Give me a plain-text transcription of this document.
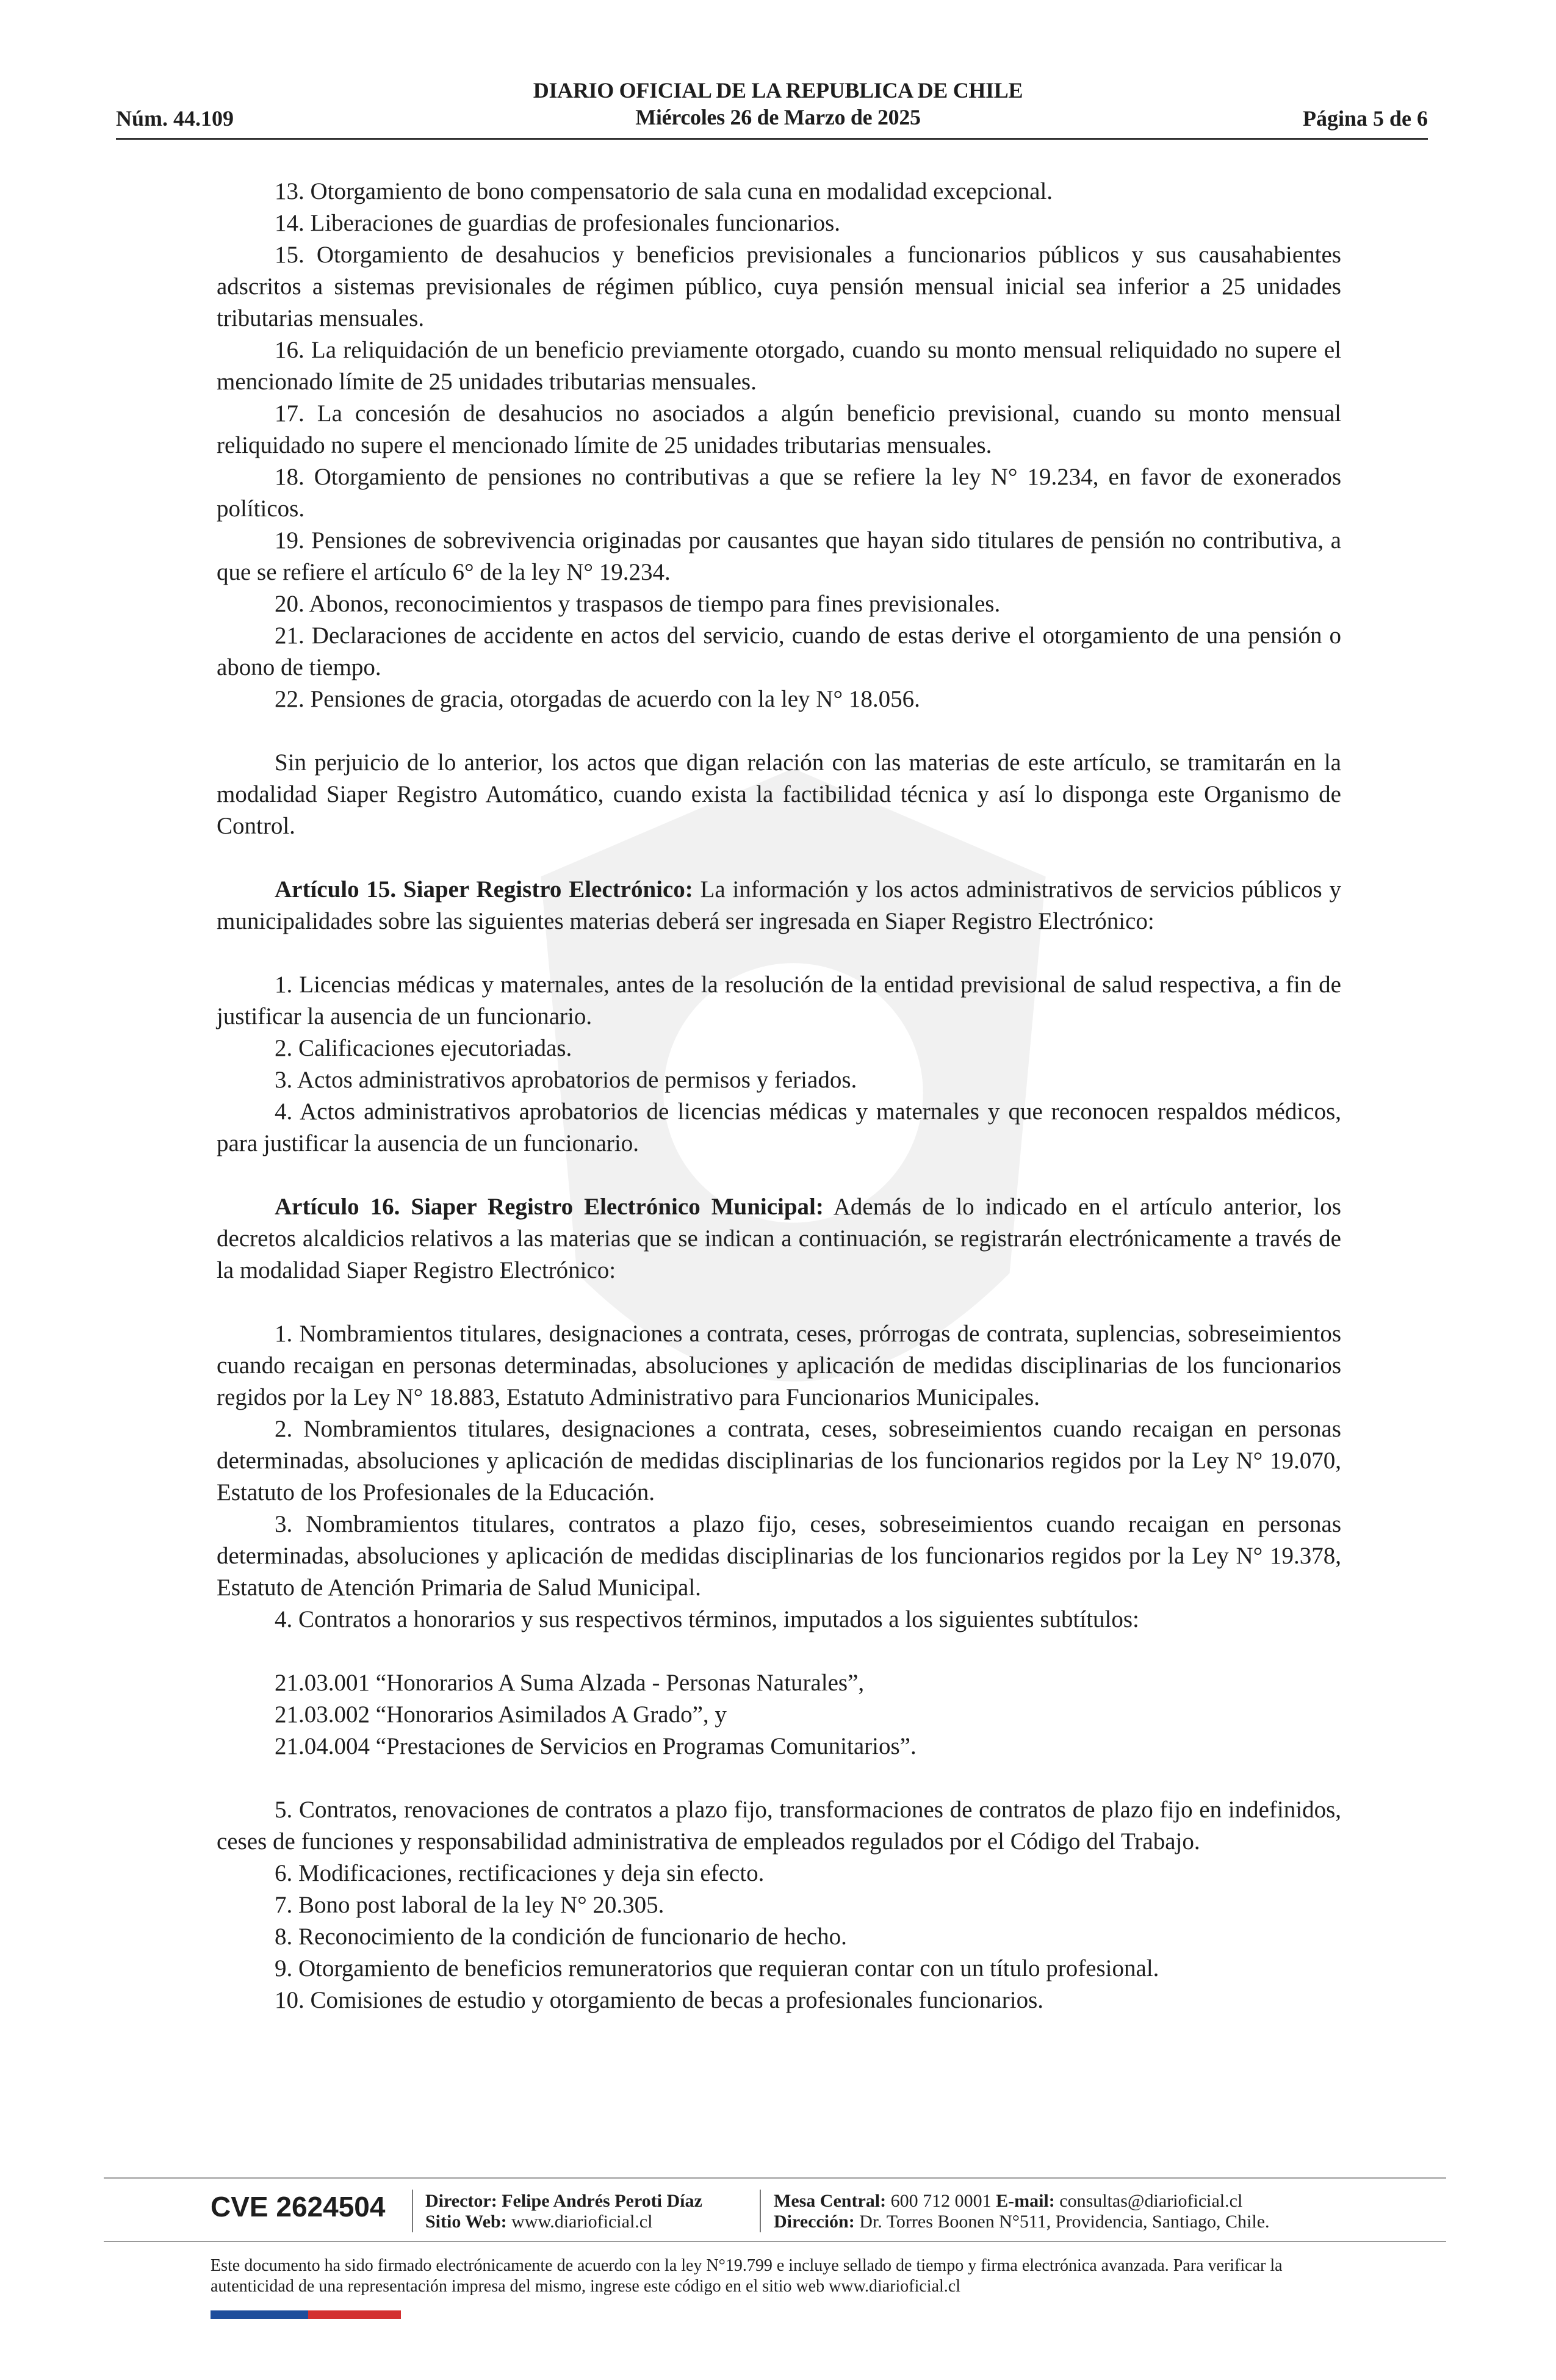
DIARIO OFICIAL DE LA REPUBLICA DE CHILE
Miércoles 26 de Marzo de 2025
Núm. 44.109	Página 5 de 6

13. Otorgamiento de bono compensatorio de sala cuna en modalidad excepcional.

14. Liberaciones de guardias de profesionales funcionarios.

15. Otorgamiento de desahucios y beneficios previsionales a funcionarios públicos y sus causahabientes adscritos a sistemas previsionales de régimen público, cuya pensión mensual inicial sea inferior a 25 unidades tributarias mensuales.

16. La reliquidación de un beneficio previamente otorgado, cuando su monto mensual reliquidado no supere el mencionado límite de 25 unidades tributarias mensuales.

17. La concesión de desahucios no asociados a algún beneficio previsional, cuando su monto mensual reliquidado no supere el mencionado límite de 25 unidades tributarias mensuales.

18. Otorgamiento de pensiones no contributivas a que se refiere la ley N° 19.234, en favor de exonerados políticos.

19. Pensiones de sobrevivencia originadas por causantes que hayan sido titulares de pensión no contributiva, a que se refiere el artículo 6° de la ley N° 19.234.

20. Abonos, reconocimientos y traspasos de tiempo para fines previsionales.

21. Declaraciones de accidente en actos del servicio, cuando de estas derive el otorgamiento de una pensión o abono de tiempo.

22. Pensiones de gracia, otorgadas de acuerdo con la ley N° 18.056.

Sin perjuicio de lo anterior, los actos que digan relación con las materias de este artículo, se tramitarán en la modalidad Siaper Registro Automático, cuando exista la factibilidad técnica y así lo disponga este Organismo de Control.

Artículo 15. Siaper Registro Electrónico: La información y los actos administrativos de servicios públicos y municipalidades sobre las siguientes materias deberá ser ingresada en Siaper Registro Electrónico:

1. Licencias médicas y maternales, antes de la resolución de la entidad previsional de salud respectiva, a fin de justificar la ausencia de un funcionario.

2. Calificaciones ejecutoriadas.

3. Actos administrativos aprobatorios de permisos y feriados.

4. Actos administrativos aprobatorios de licencias médicas y maternales y que reconocen respaldos médicos, para justificar la ausencia de un funcionario.

Artículo 16. Siaper Registro Electrónico Municipal: Además de lo indicado en el artículo anterior, los decretos alcaldicios relativos a las materias que se indican a continuación, se registrarán electrónicamente a través de la modalidad Siaper Registro Electrónico:

1. Nombramientos titulares, designaciones a contrata, ceses, prórrogas de contrata, suplencias, sobreseimientos cuando recaigan en personas determinadas, absoluciones y aplicación de medidas disciplinarias de los funcionarios regidos por la Ley N° 18.883, Estatuto Administrativo para Funcionarios Municipales.

2. Nombramientos titulares, designaciones a contrata, ceses, sobreseimientos cuando recaigan en personas determinadas, absoluciones y aplicación de medidas disciplinarias de los funcionarios regidos por la Ley N° 19.070, Estatuto de los Profesionales de la Educación.

3. Nombramientos titulares, contratos a plazo fijo, ceses, sobreseimientos cuando recaigan en personas determinadas, absoluciones y aplicación de medidas disciplinarias de los funcionarios regidos por la Ley N° 19.378, Estatuto de Atención Primaria de Salud Municipal.

4. Contratos a honorarios y sus respectivos términos, imputados a los siguientes subtítulos:

21.03.001 “Honorarios A Suma Alzada - Personas Naturales”,

21.03.002 “Honorarios Asimilados A Grado”, y

21.04.004 “Prestaciones de Servicios en Programas Comunitarios”.

5. Contratos, renovaciones de contratos a plazo fijo, transformaciones de contratos de plazo fijo en indefinidos, ceses de funciones y responsabilidad administrativa de empleados regulados por el Código del Trabajo.

6. Modificaciones, rectificaciones y deja sin efecto.

7. Bono post laboral de la ley N° 20.305.

8. Reconocimiento de la condición de funcionario de hecho.

9. Otorgamiento de beneficios remuneratorios que requieran contar con un título profesional.

10. Comisiones de estudio y otorgamiento de becas a profesionales funcionarios.

CVE 2624504 Director: Felipe Andrés Peroti Díaz
Sitio Web: www.diarioficial.cl
Mesa Central: 600 712 0001 E-mail: consultas@diarioficial.cl
Dirección: Dr. Torres Boonen N°511, Providencia, Santiago, Chile.
Este documento ha sido firmado electrónicamente de acuerdo con la ley N°19.799 e incluye sellado de tiempo y firma electrónica avanzada. Para verificar la autenticidad de una representación impresa del mismo, ingrese este código en el sitio web www.diarioficial.cl
